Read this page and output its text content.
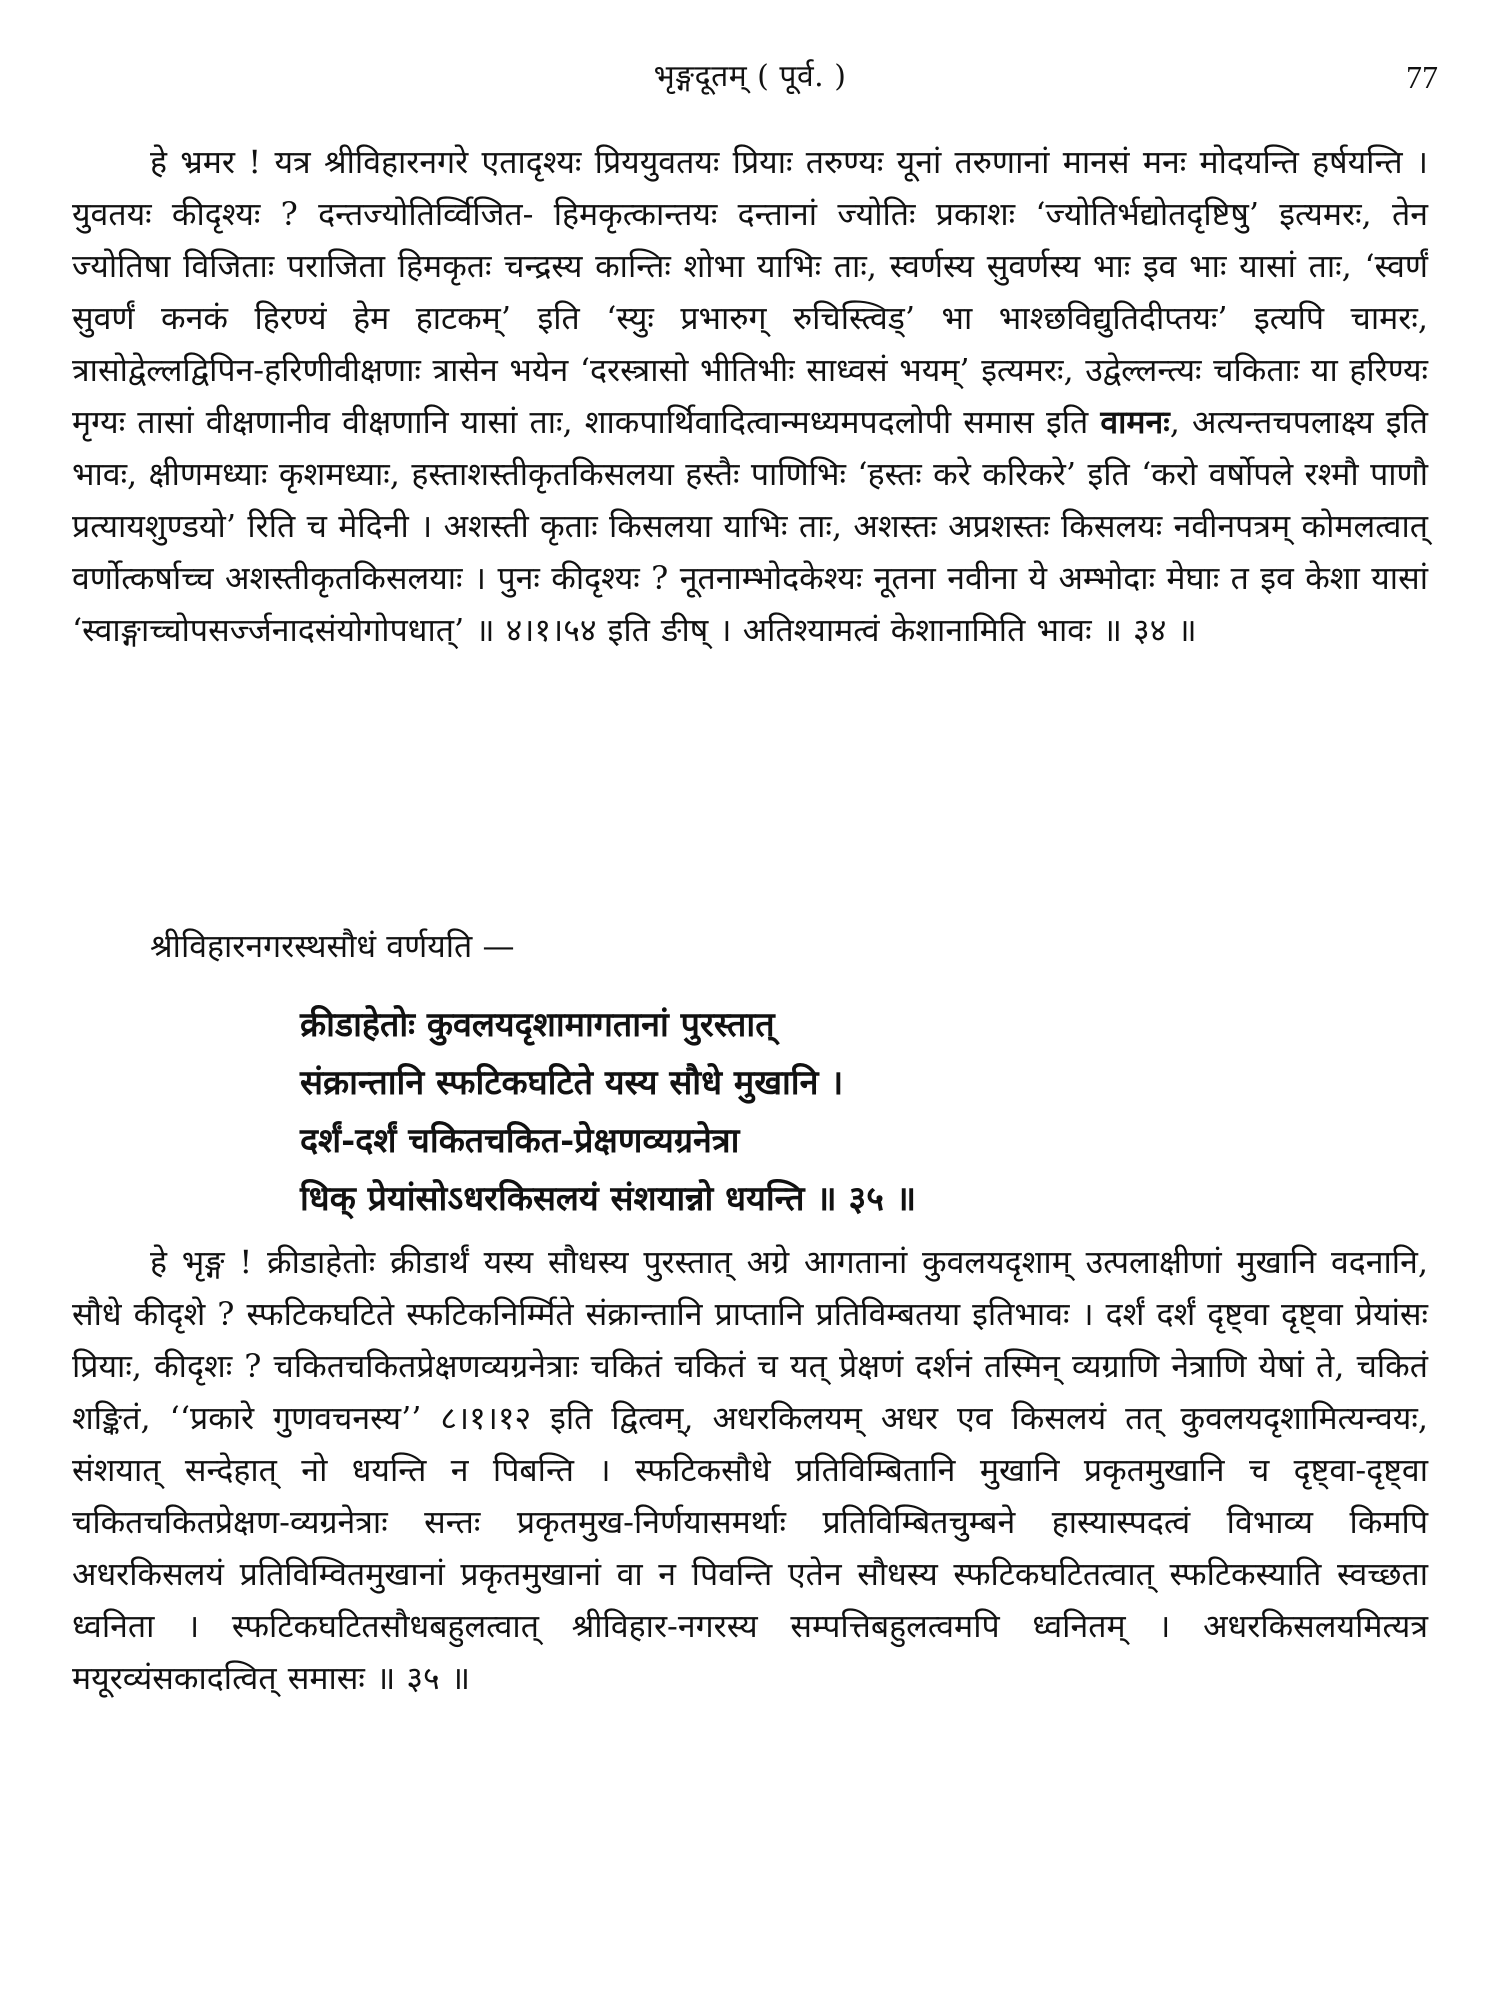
भृङ्गदूतम् ( पूर्व. )	77

हे भ्रमर ! यत्र श्रीविहारनगरे एतादृश्यः प्रिययुवतयः प्रियाः तरुण्यः यूनां तरुणानां मानसं मनः मोदयन्ति हर्षयन्ति । युवतयः कीदृश्यः ? दन्तज्योतिर्व्विजित- हिमकृत्कान्तयः दन्तानां ज्योतिः प्रकाशः ‘ज्योतिर्भद्योतदृष्टिषु’ इत्यमरः, तेन ज्योतिषा विजिताः पराजिता हिमकृतः चन्द्रस्य कान्तिः शोभा याभिः ताः, स्वर्णस्य सुवर्णस्य भाः इव भाः यासां ताः, ‘स्वर्णं सुवर्णं कनकं हिरण्यं हेम हाटकम्’ इति ‘स्युः प्रभारुग् रुचिस्त्विड्’ भा भाश्छविद्युतिदीप्तयः’ इत्यपि चामरः, त्रासोद्वेल्लद्विपिन-हरिणीवीक्षणाः त्रासेन भयेन ‘दरस्त्रासो भीतिभीः साध्वसं भयम्’ इत्यमरः, उद्वेल्लन्त्यः चकिताः या हरिण्यः मृग्यः तासां वीक्षणानीव वीक्षणानि यासां ताः, शाकपार्थिवादित्वान्मध्यमपदलोपी समास इति वामनः, अत्यन्तचपलाक्ष्य इति भावः, क्षीणमध्याः कृशमध्याः, हस्ताशस्तीकृतकिसलया हस्तैः पाणिभिः ‘हस्तः करे करिकरे’ इति ‘करो वर्षोपले रश्मौ पाणौ प्रत्यायशुण्डयो’ रिति च मेदिनी । अशस्ती कृताः किसलया याभिः ताः, अशस्तः अप्रशस्तः किसलयः नवीनपत्रम् कोमलत्वात् वर्णोत्कर्षाच्च अशस्तीकृतकिसलयाः । पुनः कीदृश्यः ? नूतनाम्भोदकेश्यः नूतना नवीना ये अम्भोदाः मेघाः त इव केशा यासां ‘स्वाङ्गाच्चोपसर्ज्जनादसंयोगोपधात्’ ॥ ४।१।५४ इति ङीष् । अतिश्यामत्वं केशानामिति भावः ॥ ३४ ॥

श्रीविहारनगरस्थसौधं वर्णयति —

क्रीडाहेतोः कुवलयदृशामागतानां पुरस्तात्

संक्रान्तानि स्फटिकघटिते यस्य सौधे मुखानि ।

दर्शं-दर्शं चकितचकित-प्रेक्षणव्यग्रनेत्रा

धिक् प्रेयांसोऽधरकिसलयं संशयान्नो धयन्ति ॥ ३५ ॥

हे भृङ्ग ! क्रीडाहेतोः क्रीडार्थं यस्य सौधस्य पुरस्तात् अग्रे आगतानां कुवलयदृशाम् उत्पलाक्षीणां मुखानि वदनानि, सौधे कीदृशे ? स्फटिकघटिते स्फटिकनिर्म्मिते संक्रान्तानि प्राप्तानि प्रतिविम्बतया इतिभावः । दर्शं दर्शं दृष्ट्वा दृष्ट्वा प्रेयांसः प्रियाः, कीदृशः ? चकितचकितप्रेक्षणव्यग्रनेत्राः चकितं चकितं च यत् प्रेक्षणं दर्शनं तस्मिन् व्यग्राणि नेत्राणि येषां ते, चकितं शङ्कितं, ‘‘प्रकारे गुणवचनस्य’’ ८।१।१२ इति द्वित्वम्, अधरकिलयम् अधर एव किसलयं तत् कुवलयदृशामित्यन्वयः, संशयात् सन्देहात् नो धयन्ति न पिबन्ति । स्फटिकसौधे प्रतिविम्बितानि मुखानि प्रकृतमुखानि च दृष्ट्वा-दृष्ट्वा चकितचकितप्रेक्षण-व्यग्रनेत्राः सन्तः प्रकृतमुख-निर्णयासमर्थाः प्रतिविम्बितचुम्बने हास्यास्पदत्वं विभाव्य किमपि अधरकिसलयं प्रतिविम्वितमुखानां प्रकृतमुखानां वा न पिवन्ति एतेन सौधस्य स्फटिकघटितत्वात् स्फटिकस्याति स्वच्छता ध्वनिता । स्फटिकघटितसौधबहुलत्वात् श्रीविहार-नगरस्य सम्पत्तिबहुलत्वमपि ध्वनितम् । अधरकिसलयमित्यत्र मयूरव्यंसकादत्वित् समासः ॥ ३५ ॥
